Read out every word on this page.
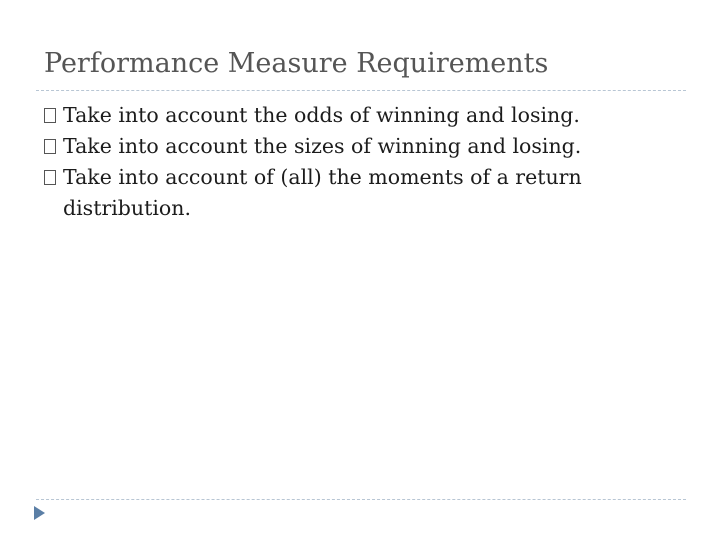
Performance Measure Requirements
Take into account the odds of winning and losing.
Take into account the sizes of winning and losing.
Take into account of (all) the moments of a return distribution.
